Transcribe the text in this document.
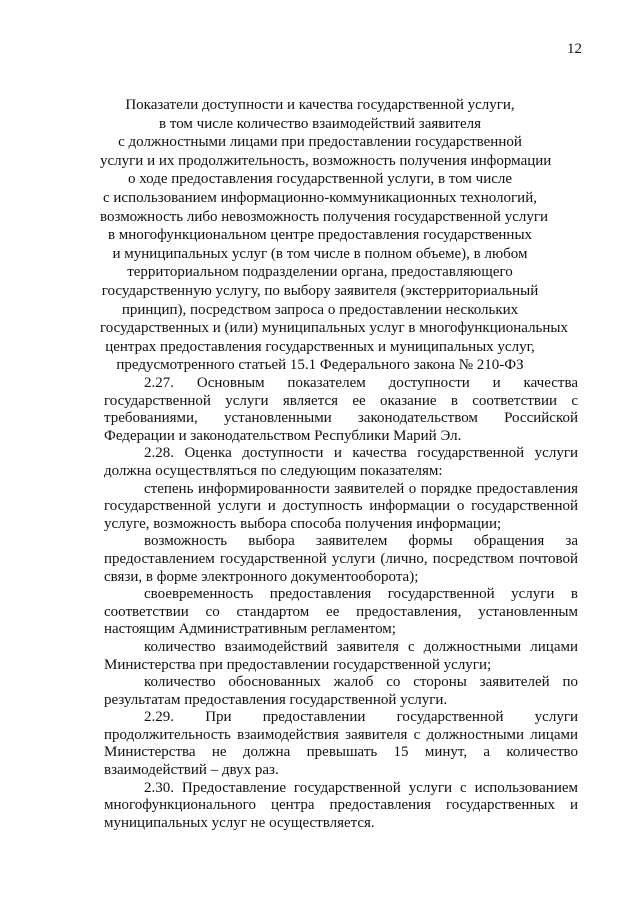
12
Показатели доступности и качества государственной услуги,
в том числе количество взаимодействий заявителя
с должностными лицами при предоставлении государственной
услуги и их продолжительность, возможность получения информации
о ходе предоставления государственной услуги, в том числе
с использованием информационно-коммуникационных технологий,
возможность либо невозможность получения государственной услуги
в многофункциональном центре предоставления государственных
и муниципальных услуг (в том числе в полном объеме), в любом
территориальном подразделении органа, предоставляющего
государственную услугу, по выбору заявителя (экстерриториальный
принцип), посредством запроса о предоставлении нескольких
государственных и (или) муниципальных услуг в многофункциональных
центрах предоставления государственных и муниципальных услуг,
предусмотренного статьей 15.1 Федерального закона № 210-ФЗ

2.27. Основным показателем доступности и качества государственной услуги является ее оказание в соответствии с требованиями, установленными законодательством Российской Федерации и законодательством Республики Марий Эл.

2.28. Оценка доступности и качества государственной услуги должна осуществляться по следующим показателям:

степень информированности заявителей о порядке предоставления государственной услуги и доступность информации о государственной услуге, возможность выбора способа получения информации;

возможность выбора заявителем формы обращения за предоставлением государственной услуги (лично, посредством почтовой связи, в форме электронного документооборота);

своевременность предоставления государственной услуги в соответствии со стандартом ее предоставления, установленным настоящим Административным регламентом;

количество взаимодействий заявителя с должностными лицами Министерства при предоставлении государственной услуги;

количество обоснованных жалоб со стороны заявителей по результатам предоставления государственной услуги.

2.29. При предоставлении государственной услуги продолжительность взаимодействия заявителя с должностными лицами Министерства не должна превышать 15 минут, а количество взаимодействий – двух раз.

2.30. Предоставление государственной услуги с использованием многофункционального центра предоставления государственных и муниципальных услуг не осуществляется.
